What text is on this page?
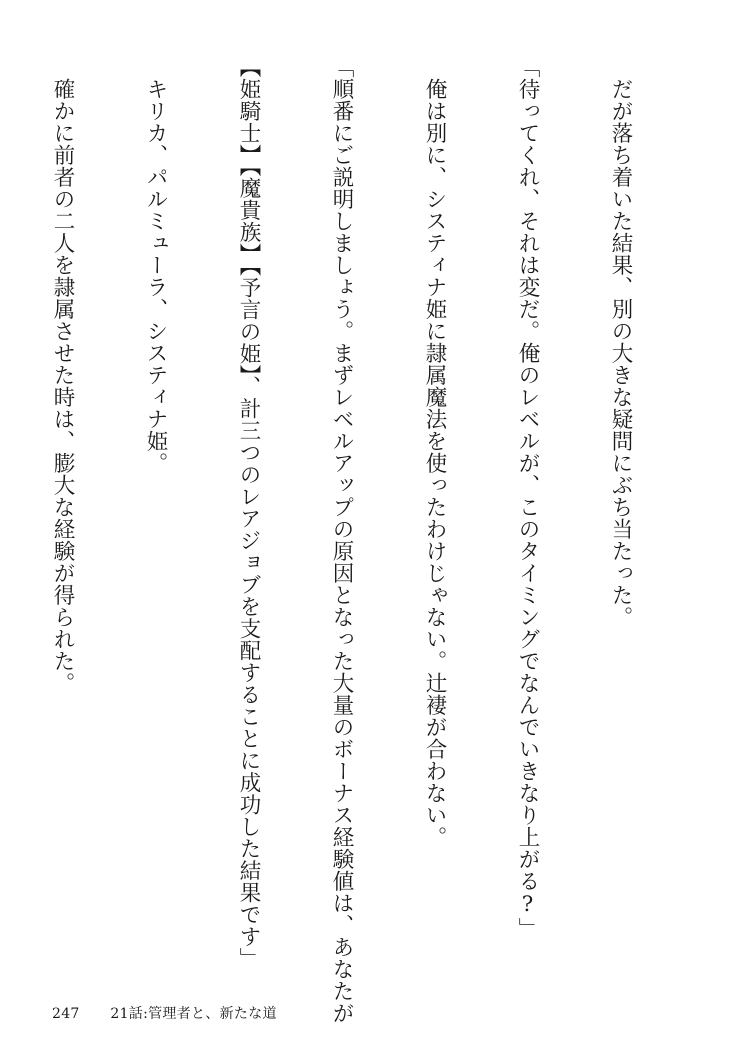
だが落ち着いた結果、別の大きな疑問にぶち当たった。

「待ってくれ、それは変だ。俺のレベルが、このタイミングでなんでいきなり上がる?」

俺は別に、システィナ姫に隷属魔法を使ったわけじゃない。辻褄が合わない。

「順番にご説明しましょう。まずレベルアップの原因となった大量のボーナス経験値は、あなたが

【姫騎士】【魔貴族】【予言の姫】、計三つのレアジョブを支配することに成功した結果です」

キリカ、パルミューラ、システィナ姫。

確かに前者の二人を隷属させた時は、膨大な経験が得られた。

247 21話:管理者と、新たな道
